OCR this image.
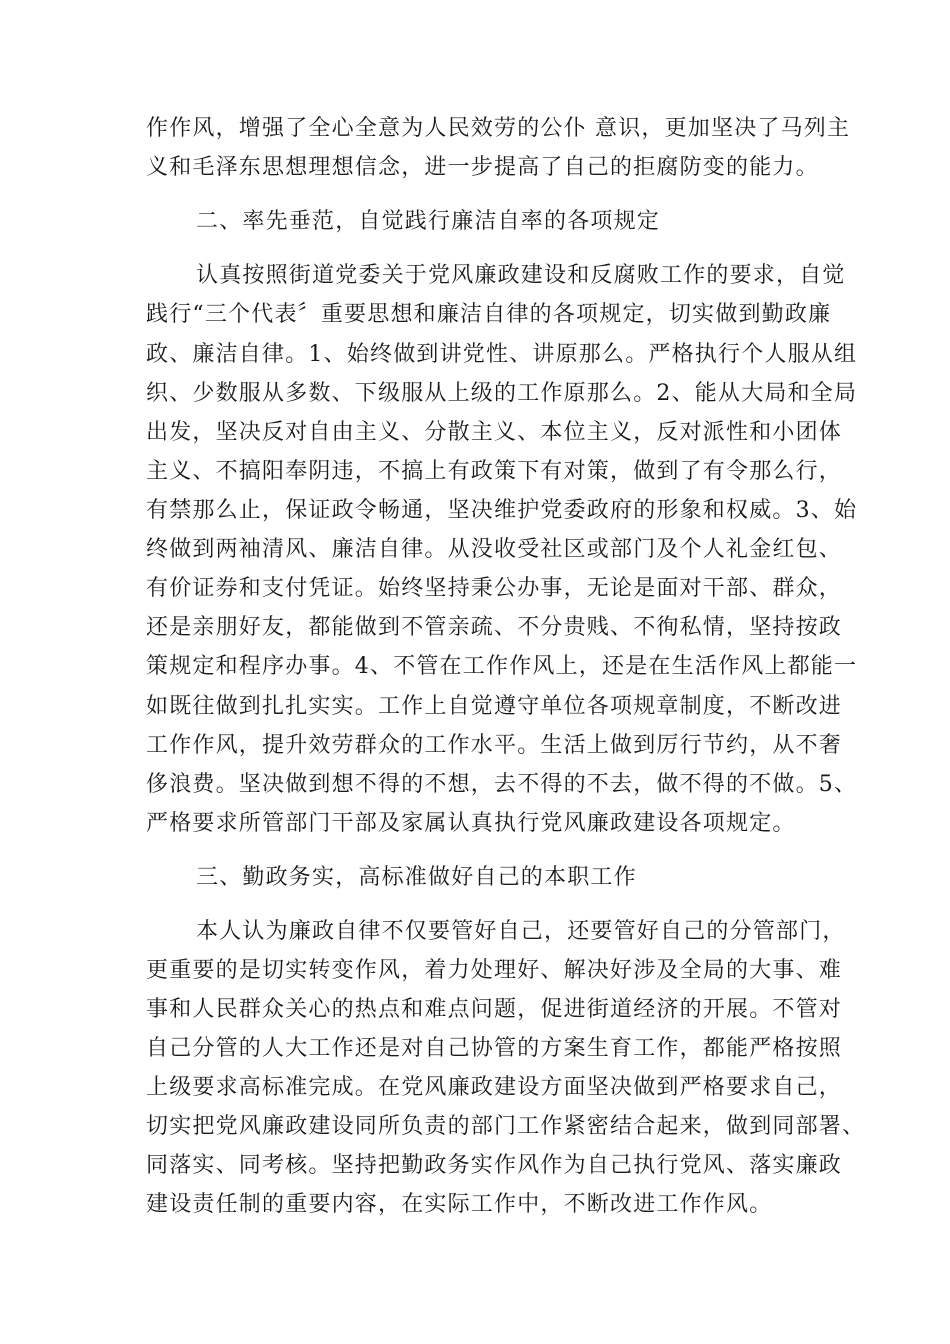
作作风，增强了全心全意为人民效劳的公仆 意识，更加坚决了马列主
义和毛泽东思想理想信念，进一步提高了自己的拒腐防变的能力。
二、率先垂范，自觉践行廉洁自率的各项规定
认真按照街道党委关于党风廉政建设和反腐败工作的要求，自觉
践行“三个代表〞重要思想和廉洁自律的各项规定，切实做到勤政廉
政、廉洁自律。1、始终做到讲党性、讲原那么。严格执行个人服从组
织、少数服从多数、下级服从上级的工作原那么。2、能从大局和全局
出发，坚决反对自由主义、分散主义、本位主义，反对派性和小团体
主义、不搞阳奉阴违，不搞上有政策下有对策，做到了有令那么行，
有禁那么止，保证政令畅通，坚决维护党委政府的形象和权威。3、始
终做到两袖清风、廉洁自律。从没收受社区或部门及个人礼金红包、
有价证券和支付凭证。始终坚持秉公办事，无论是面对干部、群众，
还是亲朋好友，都能做到不管亲疏、不分贵贱、不徇私情，坚持按政
策规定和程序办事。4、不管在工作作风上，还是在生活作风上都能一
如既往做到扎扎实实。工作上自觉遵守单位各项规章制度，不断改进
工作作风，提升效劳群众的工作水平。生活上做到厉行节约，从不奢
侈浪费。坚决做到想不得的不想，去不得的不去，做不得的不做。5、
严格要求所管部门干部及家属认真执行党风廉政建设各项规定。
三、勤政务实，高标准做好自己的本职工作
本人认为廉政自律不仅要管好自己，还要管好自己的分管部门，
更重要的是切实转变作风，着力处理好、解决好涉及全局的大事、难
事和人民群众关心的热点和难点问题，促进街道经济的开展。不管对
自己分管的人大工作还是对自己协管的方案生育工作，都能严格按照
上级要求高标准完成。在党风廉政建设方面坚决做到严格要求自己，
切实把党风廉政建设同所负责的部门工作紧密结合起来，做到同部署、
同落实、同考核。坚持把勤政务实作风作为自己执行党风、落实廉政
建设责任制的重要内容，在实际工作中，不断改进工作作风。
